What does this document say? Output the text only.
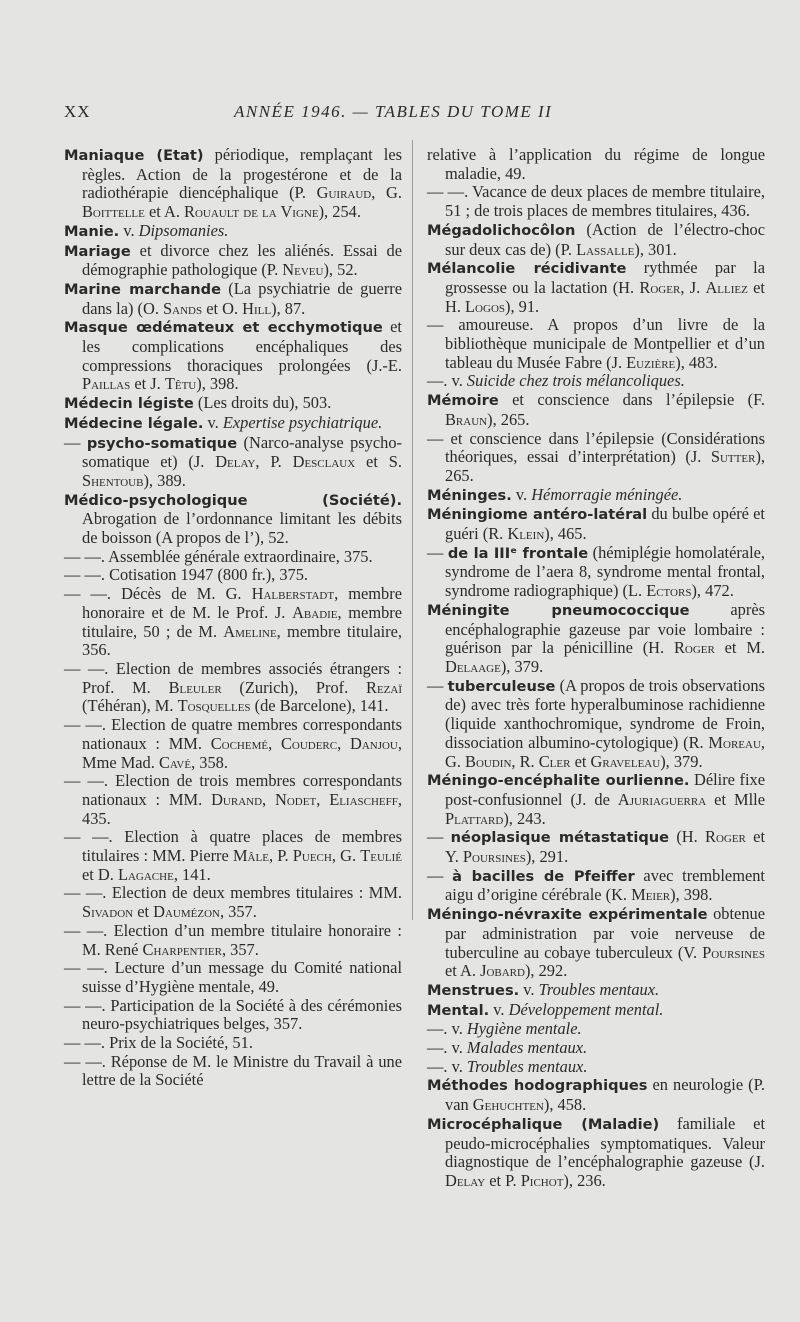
XX	ANNÉE 1946. — TABLES DU TOME II

Maniaque (Etat) périodique, remplaçant les règles. Action de la progestérone et de la radiothérapie diencéphalique (P. Guiraud, G. Boittelle et A. Rouault de la Vigne), 254.

Manie. v. Dipsomanies.

Mariage et divorce chez les aliénés. Essai de démographie pathologique (P. Neveu), 52.

Marine marchande (La psychiatrie de guerre dans la) (O. Sands et O. Hill), 87.

Masque œdémateux et ecchymotique et les complications encéphaliques des compressions thoraciques prolongées (J.-E. Paillas et J. Têtu), 398.

Médecin légiste (Les droits du), 503.

Médecine légale. v. Expertise psychiatrique.

— psycho-somatique (Narco-analyse psycho-somatique et) (J. Delay, P. Desclaux et S. Shentoub), 389.

Médico-psychologique (Société). Abrogation de l’ordonnance limitant les débits de boisson (A propos de l’), 52.

— —. Assemblée générale extraordinaire, 375.

— —. Cotisation 1947 (800 fr.), 375.

— —. Décès de M. G. Halberstadt, membre honoraire et de M. le Prof. J. Abadie, membre titulaire, 50 ; de M. Ameline, membre titulaire, 356.

— —. Election de membres associés étrangers : Prof. M. Bleuler (Zurich), Prof. Rezaï (Téhéran), M. Tosquelles (de Barcelone), 141.

— —. Election de quatre membres correspondants nationaux : MM. Cochemé, Couderc, Danjou, Mme Mad. Cavé, 358.

— —. Election de trois membres correspondants nationaux : MM. Durand, Nodet, Eliascheff, 435.

— —. Election à quatre places de membres titulaires : MM. Pierre Mâle, P. Puech, G. Teulié et D. Lagache, 141.

— —. Election de deux membres titulaires : MM. Sivadon et Daumézon, 357.

— —. Election d’un membre titulaire honoraire : M. René Charpentier, 357.

— —. Lecture d’un message du Comité national suisse d’Hygiène mentale, 49.

— —. Participation de la Société à des cérémonies neuro-psychiatriques belges, 357.

— —. Prix de la Société, 51.

— —. Réponse de M. le Ministre du Travail à une lettre de la Société

relative à l’application du régime de longue maladie, 49.

— —. Vacance de deux places de membre titulaire, 51 ; de trois places de membres titulaires, 436.

Mégadolichocôlon (Action de l’électro-choc sur deux cas de) (P. Lassalle), 301.

Mélancolie récidivante rythmée par la grossesse ou la lactation (H. Roger, J. Alliez et H. Logos), 91.

— amoureuse. A propos d’un livre de la bibliothèque municipale de Montpellier et d’un tableau du Musée Fabre (J. Euzière), 483.

—. v. Suicide chez trois mélancoliques.

Mémoire et conscience dans l’épilepsie (F. Braun), 265.

— et conscience dans l’épilepsie (Considérations théoriques, essai d’interprétation) (J. Sutter), 265.

Méninges. v. Hémorragie méningée.

Méningiome antéro-latéral du bulbe opéré et guéri (R. Klein), 465.

— de la IIIᵉ frontale (hémiplégie homolatérale, syndrome de l’aera 8, syndrome mental frontal, syndrome radiographique) (L. Ectors), 472.

Méningite pneumococcique après encéphalographie gazeuse par voie lombaire : guérison par la pénicilline (H. Roger et M. Delaage), 379.

— tuberculeuse (A propos de trois observations de) avec très forte hyperalbuminose rachidienne (liquide xanthochromique, syndrome de Froin, dissociation albumino-cytologique) (R. Moreau, G. Boudin, R. Cler et Graveleau), 379.

Méningo-encéphalite ourlienne. Délire fixe post-confusionnel (J. de Ajuriaguerra et Mlle Plattard), 243.

— néoplasique métastatique (H. Roger et Y. Poursines), 291.

— à bacilles de Pfeiffer avec tremblement aigu d’origine cérébrale (K. Meier), 398.

Méningo-névraxite expérimentale obtenue par administration par voie nerveuse de tuberculine au cobaye tuberculeux (V. Poursines et A. Jobard), 292.

Menstrues. v. Troubles mentaux.

Mental. v. Développement mental.

—. v. Hygiène mentale.

—. v. Malades mentaux.

—. v. Troubles mentaux.

Méthodes hodographiques en neurologie (P. van Gehuchten), 458.

Microcéphalique (Maladie) familiale et peudo-microcéphalies symptomatiques. Valeur diagnostique de l’encéphalographie gazeuse (J. Delay et P. Pichot), 236.
